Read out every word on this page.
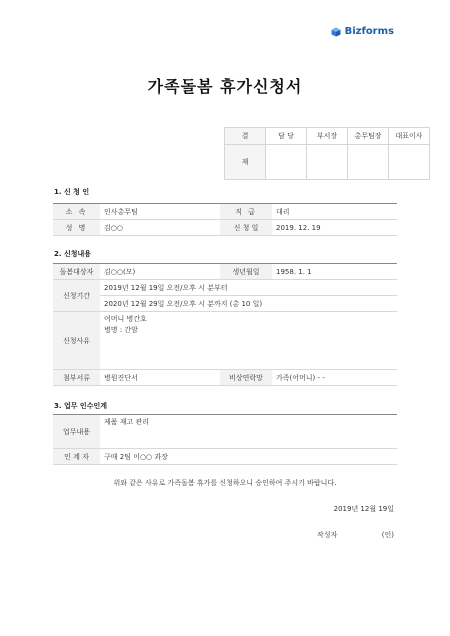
Bizforms
가족돌봄 휴가신청서
결	담 당	부서장	총무팀장	대표이사
재				
1. 신 청 인
소 속	인사총무팀	직 급	대리
성 명	김○○	신 청 일	2019. 12. 19
2. 신청내용
돌봄대상자	김○○(모)	생년월일	1958. 1. 1
신청기간	2019년 12월 19일 오전/오후 시 분부터		
	2020년 12월 29일 오전/오후 시 분까지 (총 10 일)		
신청사유	어머니 병간호
병명 : 간암		

첨부서류	병원진단서	비상연락망	가족(어머니) - -
3. 업무 인수인계
업무내용	제품 재고 관리
인 계 자	구매 2팀 이○○ 과장
위와 같은 사유로 가족돌봄 휴가를 신청하오니 승인하여 주시기 바랍니다.
2019년 12월 19일
작성자                    (인)
